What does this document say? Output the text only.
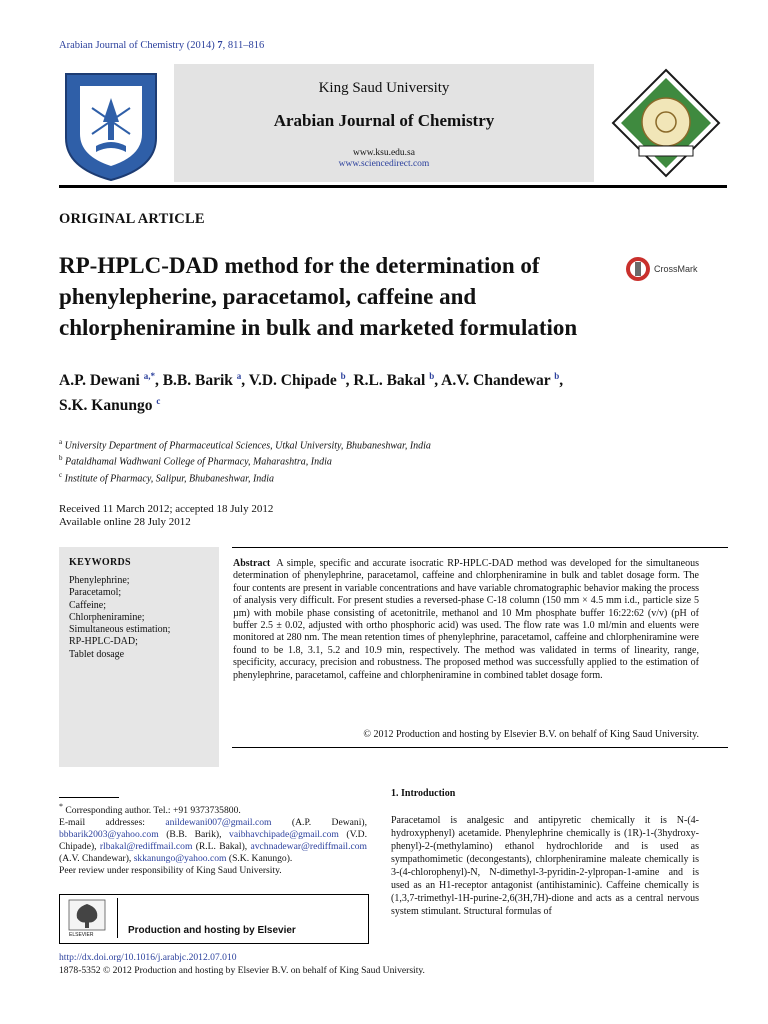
Arabian Journal of Chemistry (2014) 7, 811–816
King Saud University
Arabian Journal of Chemistry
www.ksu.edu.sa
www.sciencedirect.com
ORIGINAL ARTICLE
RP-HPLC-DAD method for the determination of phenylepherine, paracetamol, caffeine and chlorpheniramine in bulk and marketed formulation
CrossMark
A.P. Dewani $^{a,*}$, B.B. Barik $^a$, V.D. Chipade $^b$, R.L. Bakal $^b$, A.V. Chandewar $^b$,
S.K. Kanungo $^c$
$^a$ University Department of Pharmaceutical Sciences, Utkal University, Bhubaneshwar, India
$^b$ Pataldhamal Wadhwani College of Pharmacy, Maharashtra, India
$^c$ Institute of Pharmacy, Salipur, Bhubaneshwar, India
Received 11 March 2012; accepted 18 July 2012
Available online 28 July 2012
KEYWORDS
Phenylephrine;
Paracetamol;
Caffeine;
Chlorpheniramine;
Simultaneous estimation;
RP-HPLC-DAD;
Tablet dosage
Abstract A simple, specific and accurate isocratic RP-HPLC-DAD method was developed for the simultaneous determination of phenylephrine, paracetamol, caffeine and chlorpheniramine in bulk and tablet dosage form. The four contents are present in variable concentrations and have variable chromatographic behavior making the process of analysis very difficult. For present studies a reversed-phase C-18 column (150 mm × 4.5 mm i.d., particle size 5 µm) with mobile phase consisting of acetonitrile, methanol and 10 Mm phosphate buffer 16:22:62 (v/v) (pH of buffer 2.5 ± 0.02, adjusted with ortho phosphoric acid) was used. The flow rate was 1.0 ml/min and eluents were monitored at 280 nm. The mean retention times of phenylephrine, paracetamol, caffeine and chlorpheniramine were found to be 1.8, 3.1, 5.2 and 10.9 min, respectively. The method was validated in terms of linearity, range, specificity, accuracy, precision and robustness. The proposed method was successfully applied to the estimation of phenylephrine, paracetamol, caffeine and chlorpheniramine in combined tablet dosage form.
© 2012 Production and hosting by Elsevier B.V. on behalf of King Saud University.
* Corresponding author. Tel.: +91 9373735800.
E-mail addresses: anildewani007@gmail.com (A.P. Dewani), bbbarik2003@yahoo.com (B.B. Barik), vaibhavchipade@gmail.com (V.D. Chipade), rlbakal@rediffmail.com (R.L. Bakal), avchnadewar@rediffmail.com (A.V. Chandewar), skkanungo@yahoo.com (S.K. Kanungo).
Peer review under responsibility of King Saud University.
ELSEVIER	Production and hosting by Elsevier
http://dx.doi.org/10.1016/j.arabjc.2012.07.010
1878-5352 © 2012 Production and hosting by Elsevier B.V. on behalf of King Saud University.
1. Introduction
Paracetamol is analgesic and antipyretic chemically it is N-(4-hydroxyphenyl) acetamide. Phenylephrine chemically is (1R)-1-(3hydroxy-phenyl)-2-(methylamino) ethanol hydrochloride and is used as sympathomimetic (decongestants), chlorpheniramine maleate chemically is 3-(4-chlorophenyl)-N, N-dimethyl-3-pyridin-2-ylpropan-1-amine and is used as an H1-receptor antagonist (antihistaminic). Caffeine chemically is (1,3,7-trimethyl-1H-purine-2,6(3H,7H)-dione and acts as a central nervous system stimulant. Structural formulas of
